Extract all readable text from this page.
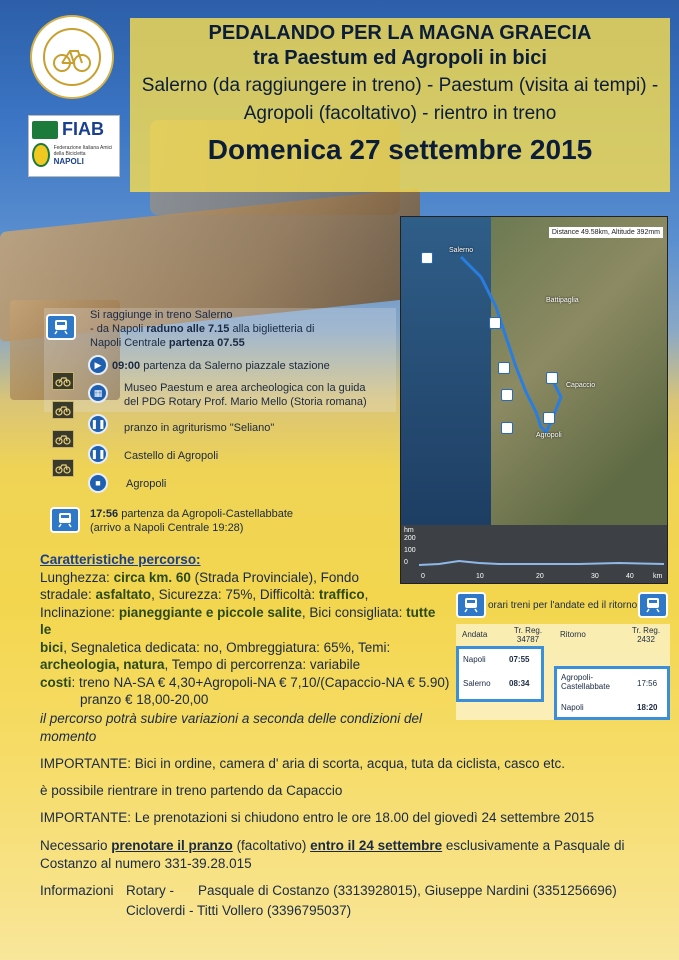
FIAB
Federazione Italiana Amici della Bicicletta
NAPOLI
PEDALANDO PER LA MAGNA GRAECIA
tra Paestum ed Agropoli in bici
Salerno (da raggiungere in treno) - Paestum (visita ai tempi) -
Agropoli (facoltativo) - rientro in treno
Domenica 27 settembre 2015
Distance 49.58km, Altitude 392mm
Salerno
Battipaglia
Capaccio
Agropoli
hm
200
100
0
0	10	20	30	40	km
Si raggiunge in treno Salerno
- da Napoli raduno alle 7.15 alla biglietteria di
Napoli Centrale partenza 07.55
▶ 09:00 partenza da Salerno piazzale stazione
▦	Museo Paestum e area archeologica con la guida
del PDG Rotary Prof. Mario Mello (Storia romana)
❚❚ pranzo in agriturismo "Seliano"
❚❚ Castello di Agropoli
■	Agropoli
17:56 partenza da Agropoli-Castellabbate
(arrivo a Napoli Centrale 19:28)
Caratteristiche percorso:
Lunghezza: circa km. 60 (Strada Provinciale), Fondo
stradale: asfaltato, Sicurezza: 75%, Difficoltà: traffico,
Inclinazione: pianeggiante e piccole salite, Bici consigliata: tutte le
bici, Segnaletica dedicata: no, Ombreggiatura: 65%, Temi:
archeologia, natura, Tempo di percorrenza: variabile
costi: treno NA-SA € 4,30+Agropoli-NA € 7,10/(Capaccio-NA € 5.90)
pranzo € 18,00-20,00
il percorso potrà subire variazioni a seconda delle condizioni del
momento
IMPORTANTE: Bici in ordine, camera d' aria di scorta, acqua, tuta da ciclista, casco etc.
è possibile rientrare in treno partendo da Capaccio
IMPORTANTE: Le prenotazioni si chiudono entro le ore 18.00 del giovedì 24 settembre 2015
Necessario prenotare il pranzo (facoltativo) entro il 24 settembre esclusivamente a Pasquale di
Costanzo al numero 331-39.28.015
Informazioni Rotary - Pasquale di Costanzo (3313928015), Giuseppe Nardini (3351256696)
Cicloverdi - Titti Vollero (3396795037)
orari treni per l'andate ed il ritorno
Andata	Tr. Reg. 34787
Ritorno	Tr. Reg. 2432
Napoli	07:55
Salerno 08:34
Agropoli-Castellabbate	17:56
Napoli	18:20
